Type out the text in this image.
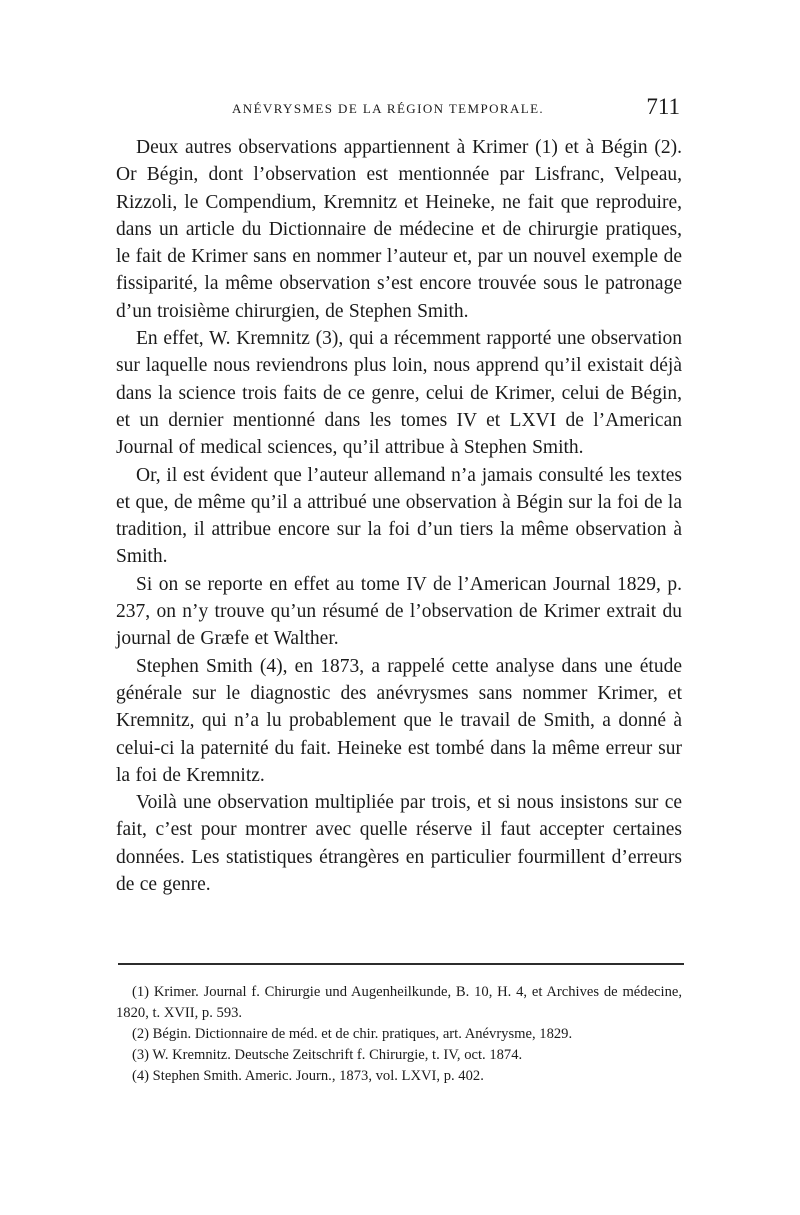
ANÉVRYSMES DE LA RÉGION TEMPORALE.	711

Deux autres observations appartiennent à Krimer (1) et à Bégin (2). Or Bégin, dont l’observation est mentionnée par Lisfranc, Velpeau, Rizzoli, le Compendium, Kremnitz et Heineke, ne fait que reproduire, dans un article du Dictionnaire de médecine et de chirurgie pratiques, le fait de Krimer sans en nommer l’auteur et, par un nouvel exemple de fissiparité, la même observation s’est encore trouvée sous le patronage d’un troisième chirurgien, de Stephen Smith.

En effet, W. Kremnitz (3), qui a récemment rapporté une observation sur laquelle nous reviendrons plus loin, nous apprend qu’il existait déjà dans la science trois faits de ce genre, celui de Krimer, celui de Bégin, et un dernier mentionné dans les tomes IV et LXVI de l’American Journal of medical sciences, qu’il attribue à Stephen Smith.

Or, il est évident que l’auteur allemand n’a jamais consulté les textes et que, de même qu’il a attribué une observation à Bégin sur la foi de la tradition, il attribue encore sur la foi d’un tiers la même observation à Smith.

Si on se reporte en effet au tome IV de l’American Journal 1829, p. 237, on n’y trouve qu’un résumé de l’observation de Krimer extrait du journal de Græfe et Walther.

Stephen Smith (4), en 1873, a rappelé cette analyse dans une étude générale sur le diagnostic des anévrysmes sans nommer Krimer, et Kremnitz, qui n’a lu probablement que le travail de Smith, a donné à celui-ci la paternité du fait. Heineke est tombé dans la même erreur sur la foi de Kremnitz.

Voilà une observation multipliée par trois, et si nous insistons sur ce fait, c’est pour montrer avec quelle réserve il faut accepter certaines données. Les statistiques étrangères en particulier fourmillent d’erreurs de ce genre.

(1) Krimer. Journal f. Chirurgie und Augenheilkunde, B. 10, H. 4, et Archives de médecine, 1820, t. XVII, p. 593.

(2) Bégin. Dictionnaire de méd. et de chir. pratiques, art. Anévrysme, 1829.

(3) W. Kremnitz. Deutsche Zeitschrift f. Chirurgie, t. IV, oct. 1874.

(4) Stephen Smith. Americ. Journ., 1873, vol. LXVI, p. 402.
